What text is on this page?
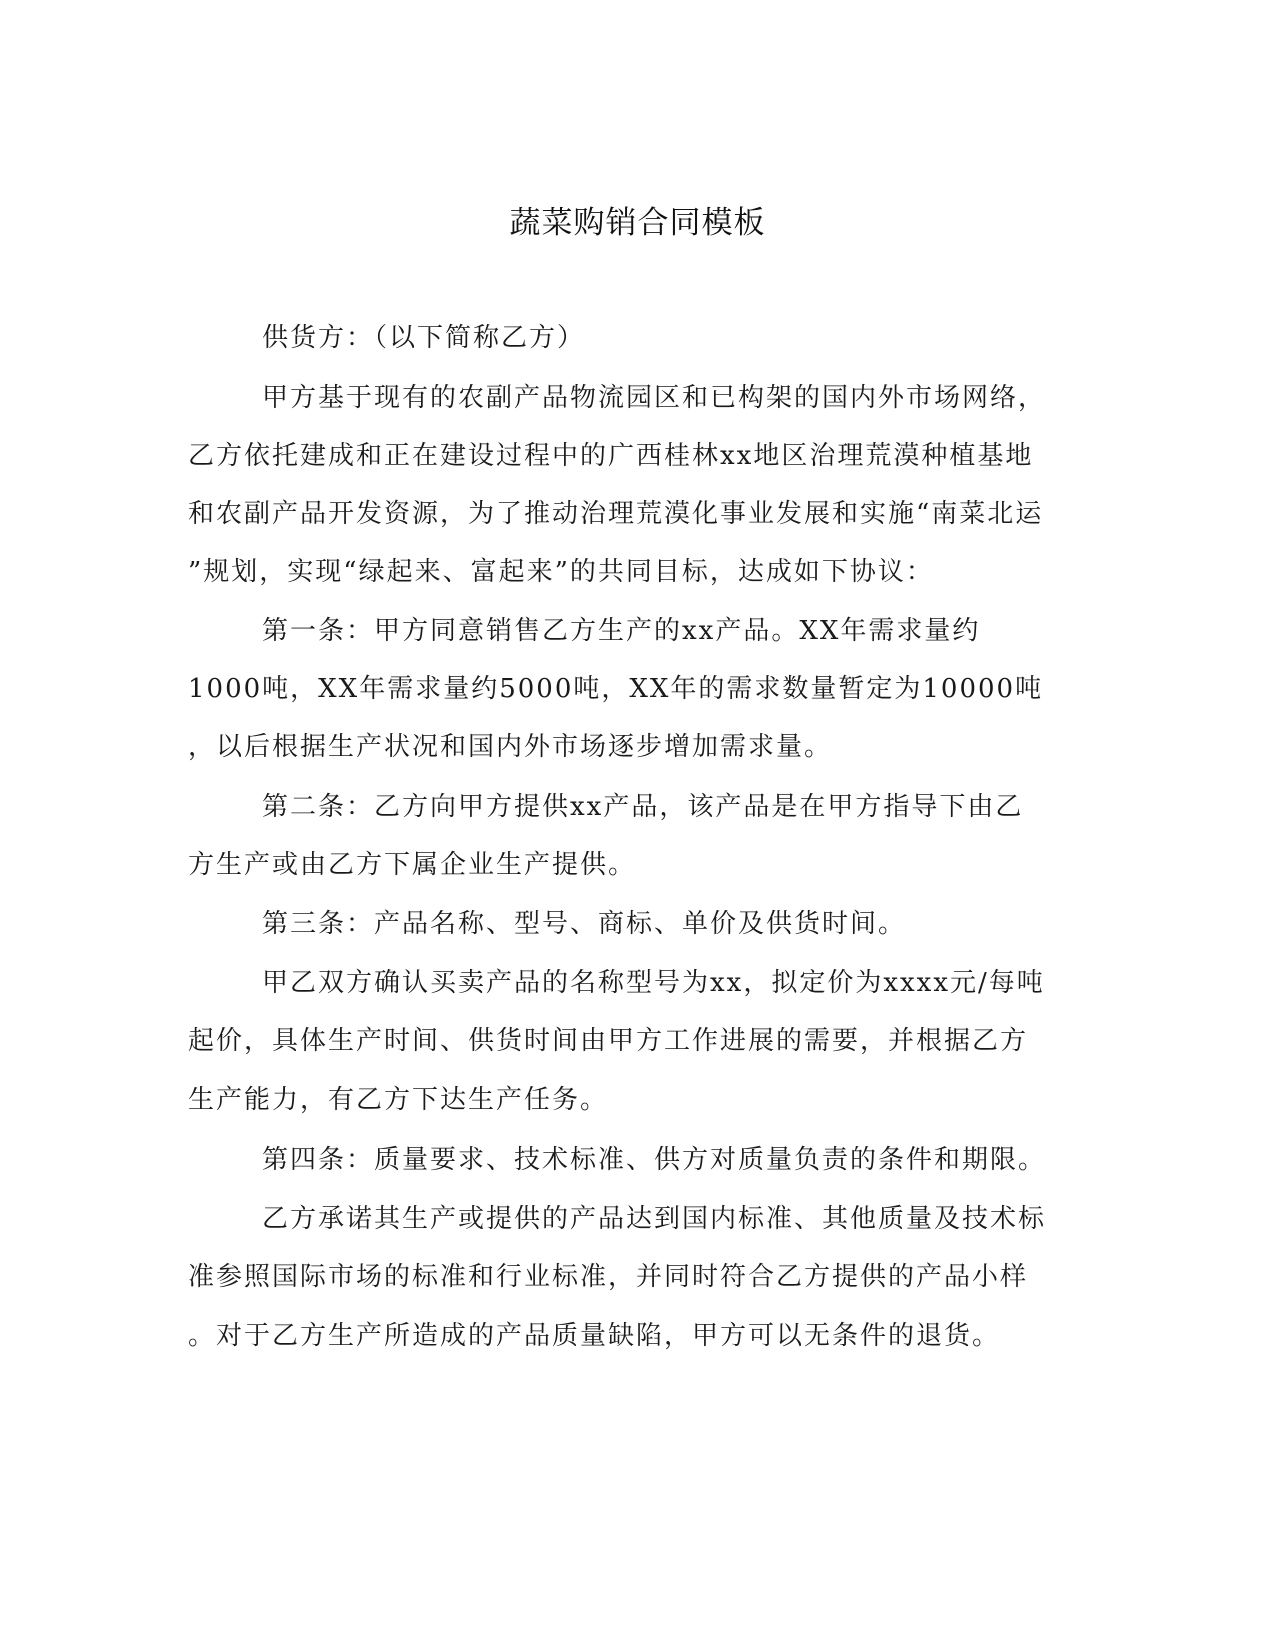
蔬菜购销合同模板
供货方：（以下简称乙方）
甲方基于现有的农副产品物流园区和已构架的国内外市场网络，
乙方依托建成和正在建设过程中的广西桂林xx地区治理荒漠种植基地
和农副产品开发资源，为了推动治理荒漠化事业发展和实施“南菜北运
”规划，实现“绿起来、富起来”的共同目标，达成如下协议：
第一条：甲方同意销售乙方生产的xx产品。XX年需求量约
1000吨，XX年需求量约5000吨，XX年的需求数量暂定为10000吨
，以后根据生产状况和国内外市场逐步增加需求量。
第二条：乙方向甲方提供xx产品，该产品是在甲方指导下由乙
方生产或由乙方下属企业生产提供。
第三条：产品名称、型号、商标、单价及供货时间。
甲乙双方确认买卖产品的名称型号为xx，拟定价为xxxx元/每吨
起价，具体生产时间、供货时间由甲方工作进展的需要，并根据乙方
生产能力，有乙方下达生产任务。
第四条：质量要求、技术标准、供方对质量负责的条件和期限。
乙方承诺其生产或提供的产品达到国内标准、其他质量及技术标
准参照国际市场的标准和行业标准，并同时符合乙方提供的产品小样
。对于乙方生产所造成的产品质量缺陷，甲方可以无条件的退货。
